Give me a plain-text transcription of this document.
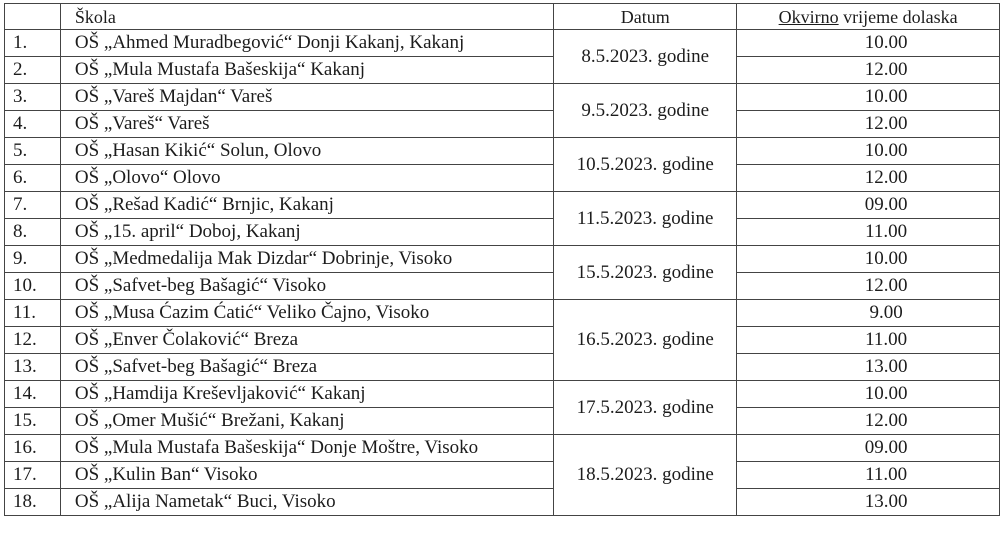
	Škola	Datum	Okvirno vrijeme dolaska
1.	OŠ „Ahmed Muradbegović“ Donji Kakanj, Kakanj	8.5.2023. godine	10.00
2.	OŠ „Mula Mustafa Bašeskija“ Kakanj		12.00
3.	OŠ „Vareš Majdan“ Vareš	9.5.2023. godine	10.00
4.	OŠ „Vareš“ Vareš		12.00
5.	OŠ „Hasan Kikić“ Solun, Olovo	10.5.2023. godine	10.00
6.	OŠ „Olovo“ Olovo		12.00
7.	OŠ „Rešad Kadić“ Brnjic, Kakanj	11.5.2023. godine	09.00
8.	OŠ „15. april“ Doboj, Kakanj		11.00
9.	OŠ „Medmedalija Mak Dizdar“ Dobrinje, Visoko	15.5.2023. godine	10.00
10.	OŠ „Safvet-beg Bašagić“ Visoko		12.00
11.	OŠ „Musa Ćazim Ćatić“ Veliko Čajno, Visoko	16.5.2023. godine	9.00
12.	OŠ „Enver Čolaković“ Breza		11.00
13.	OŠ „Safvet-beg Bašagić“ Breza		13.00
14.	OŠ „Hamdija Kreševljaković“ Kakanj	17.5.2023. godine	10.00
15.	OŠ „Omer Mušić“ Brežani, Kakanj		12.00
16.	OŠ „Mula Mustafa Bašeskija“ Donje Moštre, Visoko	18.5.2023. godine	09.00
17.	OŠ „Kulin Ban“ Visoko		11.00
18.	OŠ „Alija Nametak“ Buci, Visoko		13.00
